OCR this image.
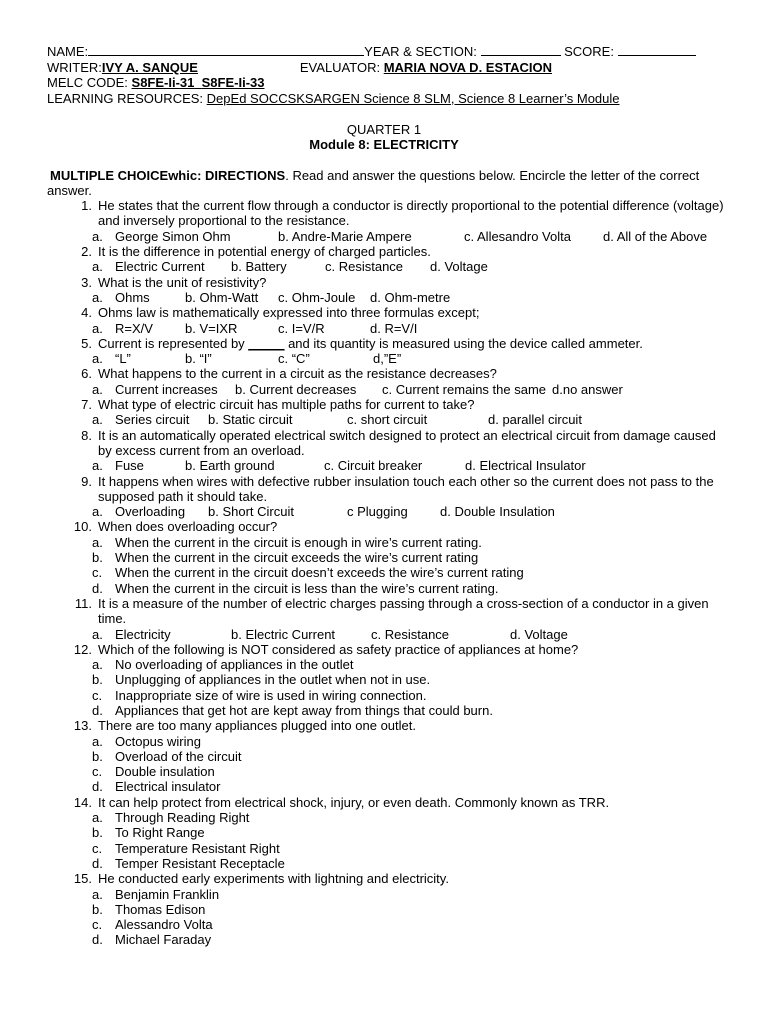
NAME:	YEAR & SECTION:	SCORE:
WRITER:IVY A. SANQUE	EVALUATOR: MARIA NOVA D. ESTACION
MELC CODE: S8FE-Ii-31 S8FE-Ii-33
LEARNING RESOURCES: DepEd SOCCSKSARGEN Science 8 SLM, Science 8 Learner’s Module
QUARTER 1
Module 8: ELECTRICITY
MULTIPLE CHOICEwhic: DIRECTIONS. Read and answer the questions below. Encircle the letter of the correct answer.
1. He states that the current flow through a conductor is directly proportional to the potential difference (voltage) and inversely proportional to the resistance.
a. George Simon Ohm	b. Andre-Marie Ampere	c. Allesandro Volta	d. All of the Above
2. It is the difference in potential energy of charged particles.
a. Electric Current	b. Battery	c. Resistance	d. Voltage
3. What is the unit of resistivity?
a. Ohms	b. Ohm-Watt	c. Ohm-Joule	d. Ohm-metre
4. Ohms law is mathematically expressed into three formulas except;
a. R=X/V	b. V=IXR	c. I=V/R	d. R=V/I
5. Current is represented by _____ and its quantity is measured using the device called ammeter.
a. “L”	b. “I”	c. “C”	d,”E”
6. What happens to the current in a circuit as the resistance decreases?
a. Current increases	b. Current decreases	c. Current remains the same d.no answer
7. What type of electric circuit has multiple paths for current to take?
a. Series circuit	b. Static circuit	c. short circuit	d. parallel circuit
8. It is an automatically operated electrical switch designed to protect an electrical circuit from damage caused by excess current from an overload.
a. Fuse	b. Earth ground	c. Circuit breaker	d. Electrical Insulator
9. It happens when wires with defective rubber insulation touch each other so the current does not pass to the supposed path it should take.
a. Overloading	b. Short Circuit	c Plugging	d. Double Insulation
10. When does overloading occur?
a. When the current in the circuit is enough in wire’s current rating.
b. When the current in the circuit exceeds the wire’s current rating
c. When the current in the circuit doesn’t exceeds the wire’s current rating
d. When the current in the circuit is less than the wire’s current rating.
11. It is a measure of the number of electric charges passing through a cross-section of a conductor in a given time.
a. Electricity	b. Electric Current	c. Resistance	d. Voltage
12. Which of the following is NOT considered as safety practice of appliances at home?
a. No overloading of appliances in the outlet
b. Unplugging of appliances in the outlet when not in use.
c. Inappropriate size of wire is used in wiring connection.
d. Appliances that get hot are kept away from things that could burn.
13. There are too many appliances plugged into one outlet.
a. Octopus wiring
b. Overload of the circuit
c. Double insulation
d. Electrical insulator
14. It can help protect from electrical shock, injury, or even death. Commonly known as TRR.
a. Through Reading Right
b. To Right Range
c. Temperature Resistant Right
d. Temper Resistant Receptacle
15. He conducted early experiments with lightning and electricity.
a. Benjamin Franklin
b. Thomas Edison
c. Alessandro Volta
d. Michael Faraday
